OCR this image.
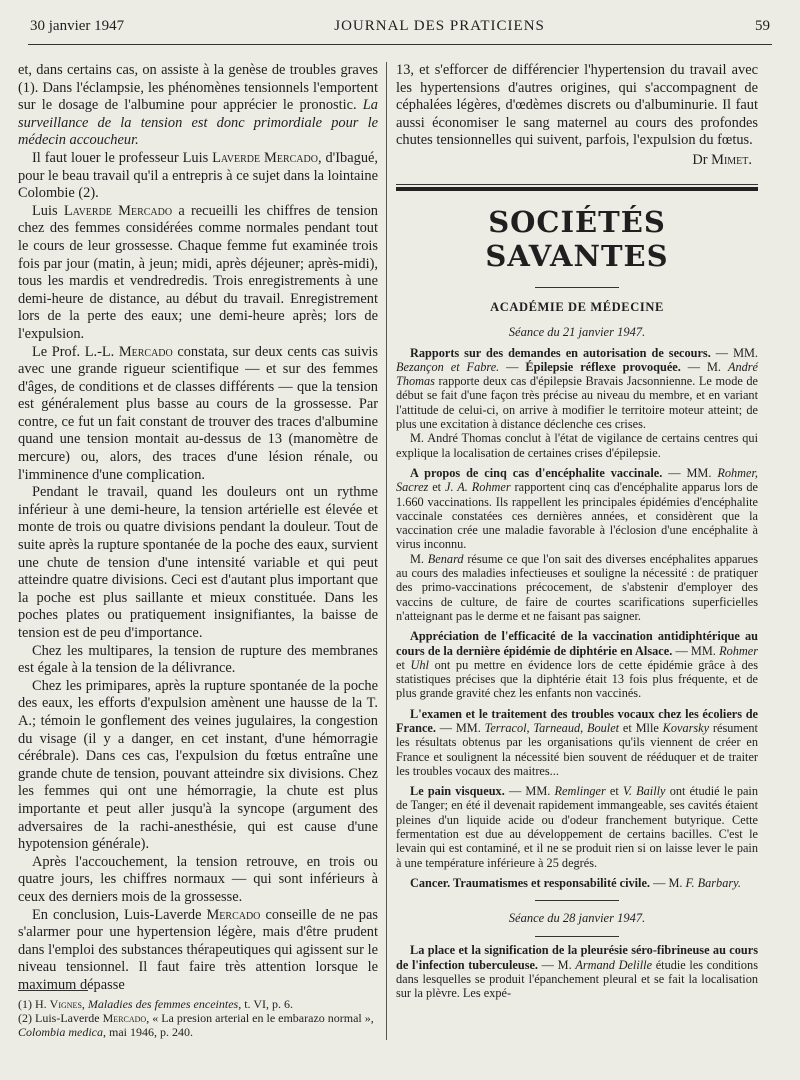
30 janvier 1947	JOURNAL DES PRATICIENS	59

et, dans certains cas, on assiste à la genèse de troubles graves (1). Dans l'éclampsie, les phénomènes tensionnels l'emportent sur le dosage de l'albumine pour apprécier le pronostic. La surveillance de la tension est donc primordiale pour le médecin accoucheur.

Il faut louer le professeur Luis Laverde Mercado, d'Ibagué, pour le beau travail qu'il a entrepris à ce sujet dans la lointaine Colombie (2).

Luis Laverde Mercado a recueilli les chiffres de tension chez des femmes considérées comme normales pendant tout le cours de leur grossesse. Chaque femme fut examinée trois fois par jour (matin, à jeun; midi, après déjeuner; après-midi), tous les mardis et vendredredis. Trois enregistrements à une demi-heure de distance, au début du travail. Enregistrement lors de la perte des eaux; une demi-heure après; lors de l'expulsion.

Le Prof. L.-L. Mercado constata, sur deux cents cas suivis avec une grande rigueur scientifique — et sur des femmes d'âges, de conditions et de classes différents — que la tension est généralement plus basse au cours de la grossesse. Par contre, ce fut un fait constant de trouver des traces d'albumine quand une tension montait au-dessus de 13 (manomètre de mercure) ou, alors, des traces d'une lésion rénale, ou l'imminence d'une complication.

Pendant le travail, quand les douleurs ont un rythme inférieur à une demi-heure, la tension artérielle est élevée et monte de trois ou quatre divisions pendant la douleur. Tout de suite après la rupture spontanée de la poche des eaux, survient une chute de tension d'une intensité variable et qui peut atteindre quatre divisions. Ceci est d'autant plus important que la poche est plus saillante et mieux constituée. Dans les poches plates ou pratiquement insignifiantes, la baisse de tension est de peu d'importance.

Chez les multipares, la tension de rupture des membranes est égale à la tension de la délivrance.

Chez les primipares, après la rupture spontanée de la poche des eaux, les efforts d'expulsion amènent une hausse de la T. A.; témoin le gonflement des veines jugulaires, la congestion du visage (il y a danger, en cet instant, d'une hémorragie cérébrale). Dans ces cas, l'expulsion du fœtus entraîne une grande chute de tension, pouvant atteindre six divisions. Chez les femmes qui ont une hémorragie, la chute est plus importante et peut aller jusqu'à la syncope (argument des adversaires de la rachi-anesthésie, qui est cause d'une hypotension générale).

Après l'accouchement, la tension retrouve, en trois ou quatre jours, les chiffres normaux — qui sont inférieurs à ceux des derniers mois de la grossesse.

En conclusion, Luis-Laverde Mercado conseille de ne pas s'alarmer pour une hypertension légère, mais d'être prudent dans l'emploi des substances thérapeutiques qui agissent sur le niveau tensionnel. Il faut faire très attention lorsque le maximum dépasse

(1) H. Vignes, Maladies des femmes enceintes, t. VI, p. 6.

(2) Luis-Laverde Mercado, « La presion arterial en le embarazo normal », Colombia medica, mai 1946, p. 240.

13, et s'efforcer de différencier l'hypertension du travail avec les hypertensions d'autres origines, qui s'accompagnent de céphalées légères, d'œdèmes discrets ou d'albuminurie. Il faut aussi économiser le sang maternel au cours des profondes chutes tensionnelles qui suivent, parfois, l'expulsion du fœtus.

Dr Mimet.

SOCIÉTÉS SAVANTES
ACADÉMIE DE MÉDECINE
Séance du 21 janvier 1947.

Rapports sur des demandes en autorisation de secours. — MM. Bezançon et Fabre. — Épilepsie réflexe provoquée. — M. André Thomas rapporte deux cas d'épilepsie Bravais Jacsonnienne. Le mode de début se fait d'une façon très précise au niveau du membre, et en variant l'attitude de celui-ci, on arrive à modifier le territoire moteur atteint; de plus une excitation à distance déclenche ces crises.

M. André Thomas conclut à l'état de vigilance de certains centres qui explique la localisation de certaines crises d'épilepsie.

A propos de cinq cas d'encéphalite vaccinale. — MM. Rohmer, Sacrez et J. A. Rohmer rapportent cinq cas d'encéphalite apparus lors de 1.660 vaccinations. Ils rappellent les principales épidémies d'encéphalite vaccinale constatées ces dernières années, et considèrent que la vaccination crée une maladie favorable à l'éclosion d'une encéphalite à virus inconnu.

M. Benard résume ce que l'on sait des diverses encéphalites apparues au cours des maladies infectieuses et souligne la nécessité : de pratiquer des primo-vaccinations précocement, de s'abstenir d'employer des vaccins de culture, de faire de courtes scarifications superficielles n'atteignant pas le derme et ne faisant pas saigner.

Appréciation de l'efficacité de la vaccination antidiphtérique au cours de la dernière épidémie de diphtérie en Alsace. — MM. Rohmer et Uhl ont pu mettre en évidence lors de cette épidémie grâce à des statistiques précises que la diphtérie était 13 fois plus fréquente, et de plus grande gravité chez les enfants non vaccinés.

L'examen et le traitement des troubles vocaux chez les écoliers de France. — MM. Terracol, Tarneaud, Boulet et Mlle Kovarsky résument les résultats obtenus par les organisations qu'ils viennent de créer en France et soulignent la nécessité bien souvent de rééduquer et de traiter les troubles vocaux des maitres...

Le pain visqueux. — MM. Remlinger et V. Bailly ont étudié le pain de Tanger; en été il devenait rapidement immangeable, ses cavités étaient pleines d'un liquide acide ou d'odeur franchement butyrique. Cette fermentation est due au développement de certains bacilles. C'est le levain qui est contaminé, et il ne se produit rien si on laisse lever le pain à une température inférieure à 25 degrés.

Cancer. Traumatismes et responsabilité civile. — M. F. Barbary.

Séance du 28 janvier 1947.

La place et la signification de la pleurésie séro-fibrineuse au cours de l'infection tuberculeuse. — M. Armand Delille étudie les conditions dans lesquelles se produit l'épanchement pleural et se fait la localisation sur la plèvre. Les expé-
